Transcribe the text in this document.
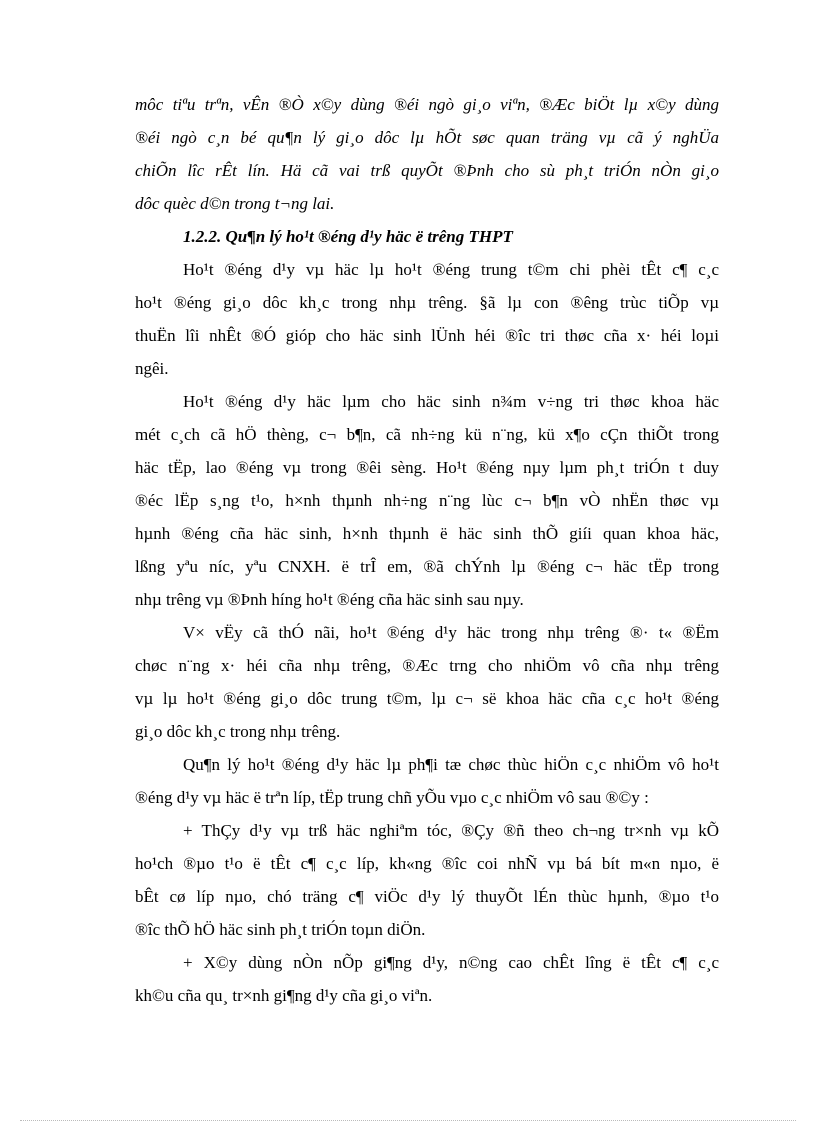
môc tiªu trªn, vÊn ®Ò x©y dùng ®éi ngò gi¸o viªn, ®Æc biÖt lµ x©y dùng
®éi ngò c¸n bé qu¶n lý gi¸o dôc lµ hÕt søc quan träng vµ cã ý nghÜa
chiÕn lîc rÊt lín. Hä cã vai trß quyÕt ®Þnh cho sù ph¸t triÓn nÒn gi¸o
dôc quèc d©n trong t¬ng lai.
1.2.2. Qu¶n lý ho¹t ®éng d¹y häc ë trêng THPT
Ho¹t ®éng d¹y vµ häc lµ ho¹t ®éng trung t©m chi phèi tÊt c¶ c¸c
ho¹t ®éng gi¸o dôc kh¸c trong nhµ trêng. §ã lµ con ®êng trùc tiÕp vµ
thuËn lîi nhÊt ®Ó gióp cho häc sinh lÜnh héi ®îc tri thøc cña x· héi loµi
ngêi.
Ho¹t ®éng d¹y häc lµm cho häc sinh n¾m v÷ng tri thøc khoa häc
mét c¸ch cã hÖ thèng, c¬ b¶n, cã nh÷ng kü n¨ng, kü x¶o cÇn thiÕt trong
häc tËp, lao ®éng vµ trong ®êi sèng. Ho¹t ®éng nµy lµm ph¸t triÓn t duy
®éc lËp s¸ng t¹o, h×nh thµnh nh÷ng n¨ng lùc c¬ b¶n vÒ nhËn thøc vµ
hµnh ®éng cña häc sinh, h×nh thµnh ë häc sinh thÕ giíi quan khoa häc,
lßng yªu níc, yªu CNXH. ë trÎ em, ®ã chÝnh lµ ®éng c¬ häc tËp trong
nhµ trêng vµ ®Þnh híng ho¹t ®éng cña häc sinh sau nµy.
V× vËy cã thÓ nãi, ho¹t ®éng d¹y häc trong nhµ trêng ®· t« ®Ëm
chøc n¨ng x· héi cña nhµ trêng, ®Æc trng cho nhiÖm vô cña nhµ trêng
vµ lµ ho¹t ®éng gi¸o dôc trung t©m, lµ c¬ së khoa häc cña c¸c ho¹t ®éng
gi¸o dôc kh¸c trong nhµ trêng.
Qu¶n lý ho¹t ®éng d¹y häc lµ ph¶i tæ chøc thùc hiÖn c¸c nhiÖm vô ho¹t
®éng d¹y vµ häc ë trªn líp, tËp trung chñ yÕu vµo c¸c nhiÖm vô sau ®©y :
+ ThÇy d¹y vµ trß häc nghiªm tóc, ®Çy ®ñ theo ch¬ng tr×nh vµ kÕ
ho¹ch ®µo t¹o ë tÊt c¶ c¸c líp, kh«ng ®îc coi nhÑ vµ bá bít m«n nµo, ë
bÊt cø líp nµo, chó träng c¶ viÖc d¹y lý thuyÕt lÉn thùc hµnh, ®µo t¹o
®îc thÕ hÖ häc sinh ph¸t triÓn toµn diÖn.
+ X©y dùng nÒn nÕp gi¶ng d¹y, n©ng cao chÊt lîng ë tÊt c¶ c¸c
kh©u cña qu¸ tr×nh gi¶ng d¹y cña gi¸o viªn.
